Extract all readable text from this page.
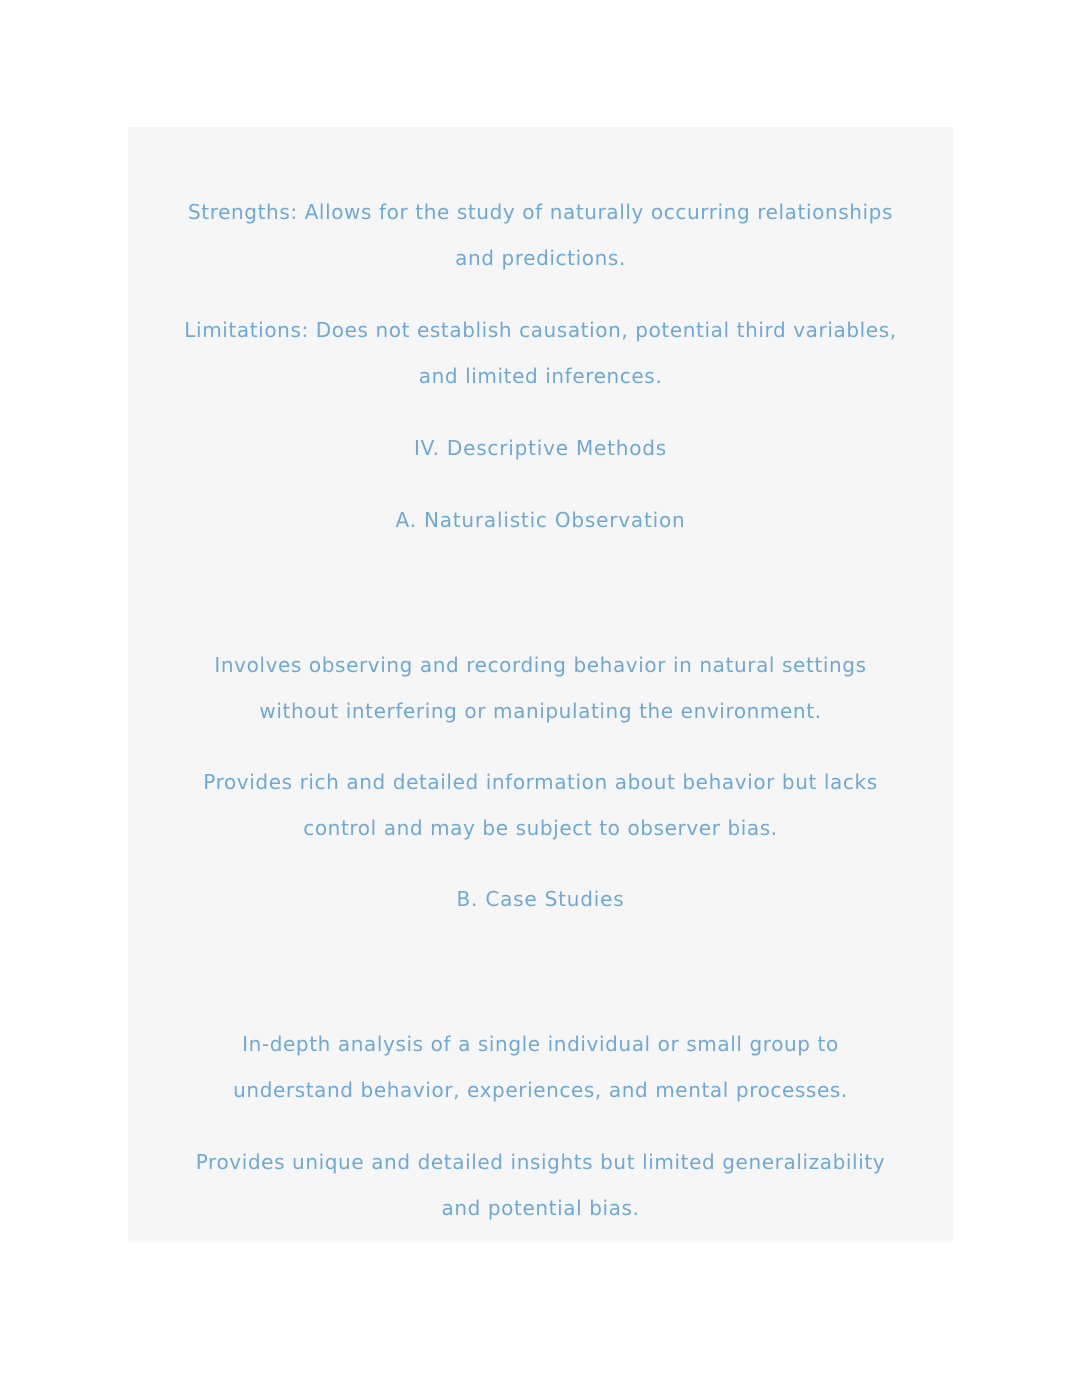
Strengths: Allows for the study of naturally occurring relationships

and predictions.

Limitations: Does not establish causation, potential third variables,

and limited inferences.

IV. Descriptive Methods

A. Naturalistic Observation

Involves observing and recording behavior in natural settings

without interfering or manipulating the environment.

Provides rich and detailed information about behavior but lacks

control and may be subject to observer bias.

B. Case Studies

In-depth analysis of a single individual or small group to

understand behavior, experiences, and mental processes.

Provides unique and detailed insights but limited generalizability

and potential bias.
